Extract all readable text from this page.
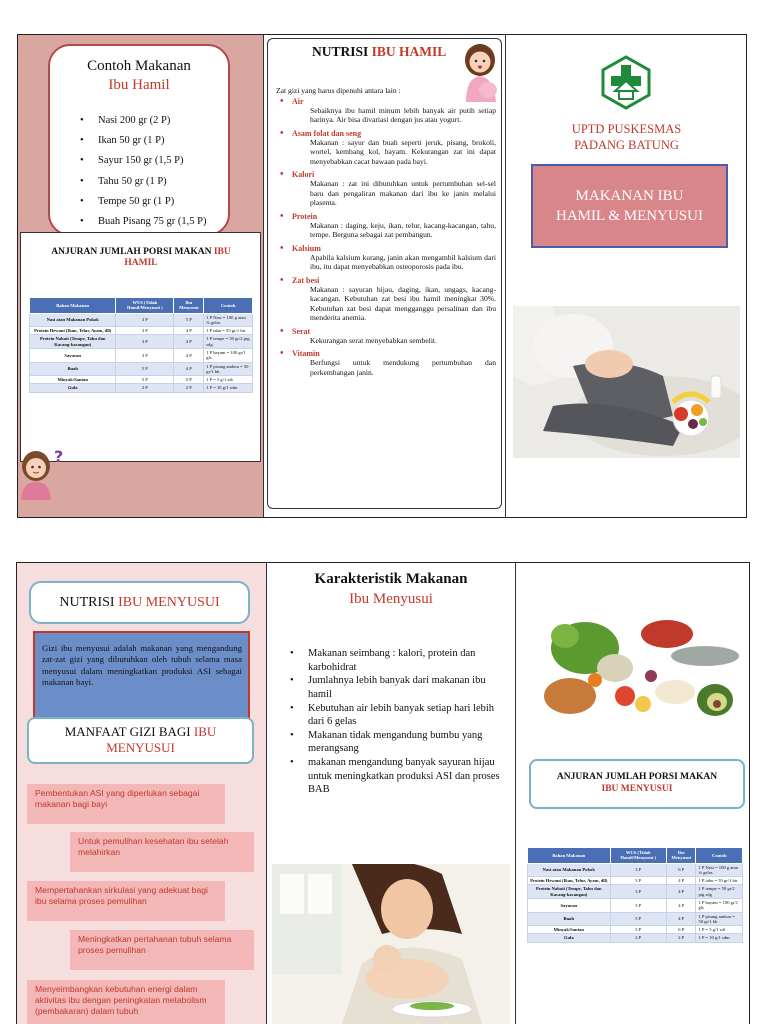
Contoh Makanan
Ibu Hamil
• Nasi 200 gr (2 P)
• Ikan 50 gr (1 P)
• Sayur 150 gr (1,5 P)
• Tahu 50 gr (1 P)
• Tempe 50 gr (1 P)
• Buah Pisang 75 gr (1,5 P)
ANJURAN JUMLAH PORSI MAKAN IBU
HAMIL
Bahan Makanan	WUS (Tidak Hamil/Menyusui )	Ibu Menyusui	Contoh
Nasi atau Makanan Pokok	3 P	5 P	1 P Nasi = 100 g atau ¾ gelas
Protein Hewani (Ikan, Telur, Ayam, dll)	3 P	4 P	1 P tahu = 55 gr/1 btr
Protein Nabati (Tempe, Tahu dan Kacang-kacangan)	3 P	4 P	1 P tempe = 50 gr/2 ptg sdg
Sayuran	3 P	4 P	1 P bayam = 100 gr/1 gls
Buah	5 P	4 P	1 P pisang ambon = 50 gr/1 bh
Minyak/Santan	5 P	5 P	1 P = 5 g/1 sdt
Gula	2 P	2 P	1 P = 10 g/1 sdm
?
NUTRISI IBU HAMIL
Zat gizi yang harus dipenuhi antara lain :
• Air
Sebaiknya ibu hamil minum lebih banyak air putih setiap harinya. Air bisa divariasi dengan jus atau yogurt.
• Asam folat dan seng
Makanan : sayur dan buah seperti jeruk, pisang, brokoli, wortel, kembang kol, bayam. Kekurangan zat ini dapat menyebabkan cacat bawaan pada bayi.
• Kalori
Makanan : zat ini dibutuhkan untuk pertumbuhan sel-sel baru dan pengaliran makanan dari ibu ke janin melalui plasenta.
• Protein
Makanan : daging, keju, ikan, telur, kacang-kacangan, tahu, tempe. Berguna sebagai zat pembangun.
• Kalsium
Apabila kalsium kurang, janin akan mengambil kalsium dari ibu, itu dapat menyebabkan osteoporosis pada ibu.
• Zat besi
Makanan : sayuran hijau, daging, ikan, ungags, kacang-kacangan. Kebutuhan zat besi ibu hamil meningkat 30%. Kebutuhan zat besi dapat mengganggu persalinan dan ibu menderita anemia.
• Serat
Kekurangan serat menyebabkan sembelit.
• Vitamin
Berfungsi untuk mendukung pertumbuhan dan perkembangan janin.
UPTD PUSKESMAS
PADANG BATUNG
MAKANAN IBU
HAMIL & MENYUSUI
NUTRISI
IBU MENYUSUI
Gizi ibu menyusui adalah makanan yang mengandung zat-zat gizi yang dibutuhkan oleh tubuh selama masa menyusui dalam meningkatkan produksi ASI sebagai makanan bayi.
MANFAAT GIZI BAGI IBU
MENYUSUI
Pembentukan ASI yang diperlukan sebagai makanan bagi bayi
Untuk pemulihan kesehatan ibu setelah melahirkan
Mempertahankan sirkulasi yang adekuat bagi ibu selama proses pemulihan
Meningkatkan pertahanan tubuh selama proses pemulihan
Menyeimbangkan kebutuhan energi dalam aktivitas ibu dengan peningkatan metabolism (pembakaran) dalam tubuh
Karakteristik Makanan
Ibu Menyusui
• Makanan seimbang : kalori, protein dan karbohidrat
• Jumlahnya lebih banyak dari makanan ibu hamil
• Kebutuhan air lebih banyak setiap hari lebih dari 6 gelas
• Makanan tidak mengandung bumbu yang merangsang
• makanan mengandung banyak sayuran hijau untuk meningkatkan produksi ASI dan proses BAB
ANJURAN JUMLAH PORSI MAKAN
IBU MENYUSUI
Bahan Makanan	WUS (Tidak Hamil/Menyusui )	Ibu Menyusui	Contoh
Nasi atau Makanan Pokok	3 P	6 P	1 P Nasi = 100 g atau ¾ gelas
Protein Hewani (Ikan, Telur, Ayam, dll)	3 P	4 P	1 P tahu = 55 gr/1 btr
Protein Nabati (Tempe, Tahu dan Kacang-kacangan)	3 P	4 P	1 P tempe = 50 gr/2 ptg sdg
Sayuran	3 P	4 P	1 P bayam = 100 gr/1 gls
Buah	5 P	4 P	1 P pisang ambon = 50 gr/1 bh
Minyak/Santan	5 P	6 P	1 P = 5 g/1 sdt
Gula	2 P	2 P	1 P = 10 g/1 sdm
